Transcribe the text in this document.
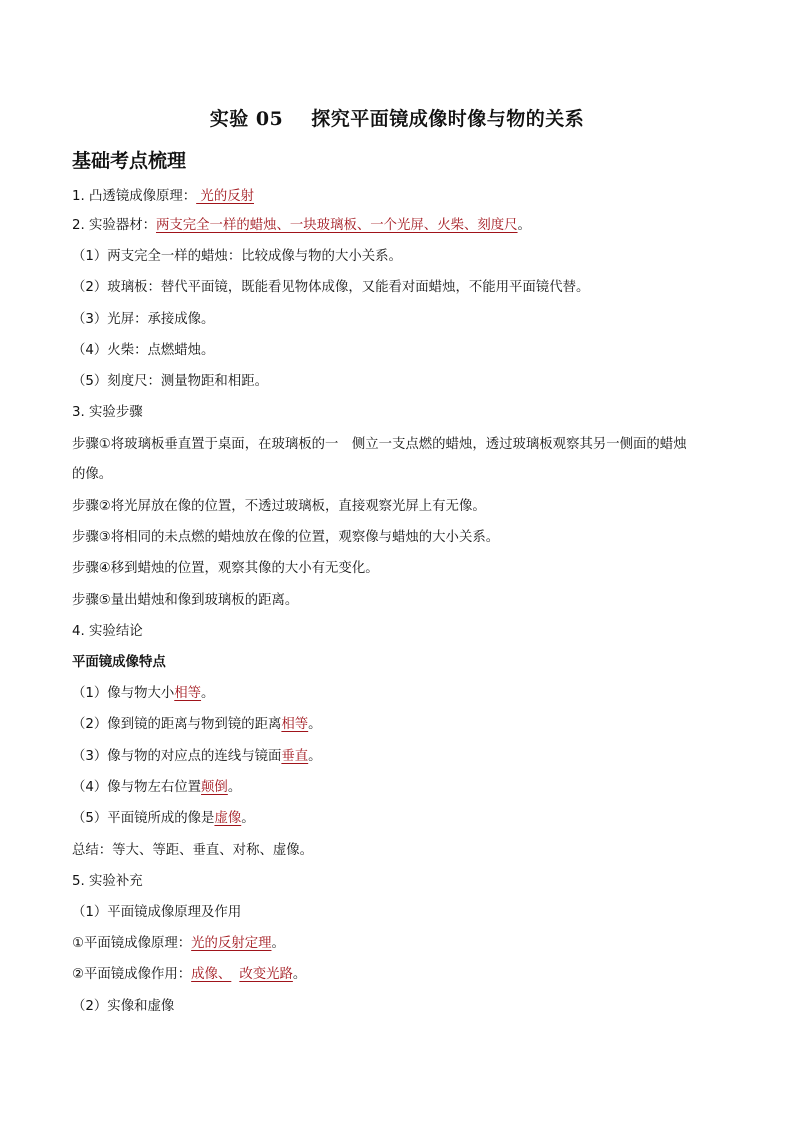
实验 05 探究平面镜成像时像与物的关系
基础考点梳理
1. 凸透镜成像原理： 光的反射
2. 实验器材：两支完全一样的蜡烛、一块玻璃板、一个光屏、火柴、刻度尺。
（1）两支完全一样的蜡烛：比较成像与物的大小关系。
（2）玻璃板：替代平面镜，既能看见物体成像，又能看对面蜡烛，不能用平面镜代替。
（3）光屏：承接成像。
（4）火柴：点燃蜡烛。
（5）刻度尺：测量物距和相距。
3. 实验步骤
步骤①将玻璃板垂直置于桌面，在玻璃板的一　侧立一支点燃的蜡烛，透过玻璃板观察其另一侧面的蜡烛
的像。
步骤②将光屏放在像的位置，不透过玻璃板，直接观察光屏上有无像。
步骤③将相同的未点燃的蜡烛放在像的位置，观察像与蜡烛的大小关系。
步骤④移到蜡烛的位置，观察其像的大小有无变化。
步骤⑤量出蜡烛和像到玻璃板的距离。
4. 实验结论
平面镜成像特点
（1）像与物大小相等。
（2）像到镜的距离与物到镜的距离相等。
（3）像与物的对应点的连线与镜面垂直。
（4）像与物左右位置颠倒。
（5）平面镜所成的像是虚像。
总结：等大、等距、垂直、对称、虚像。
5. 实验补充
（1）平面镜成像原理及作用
①平面镜成像原理：光的反射定理。
②平面镜成像作用：成像、 改变光路。
（2）实像和虚像
